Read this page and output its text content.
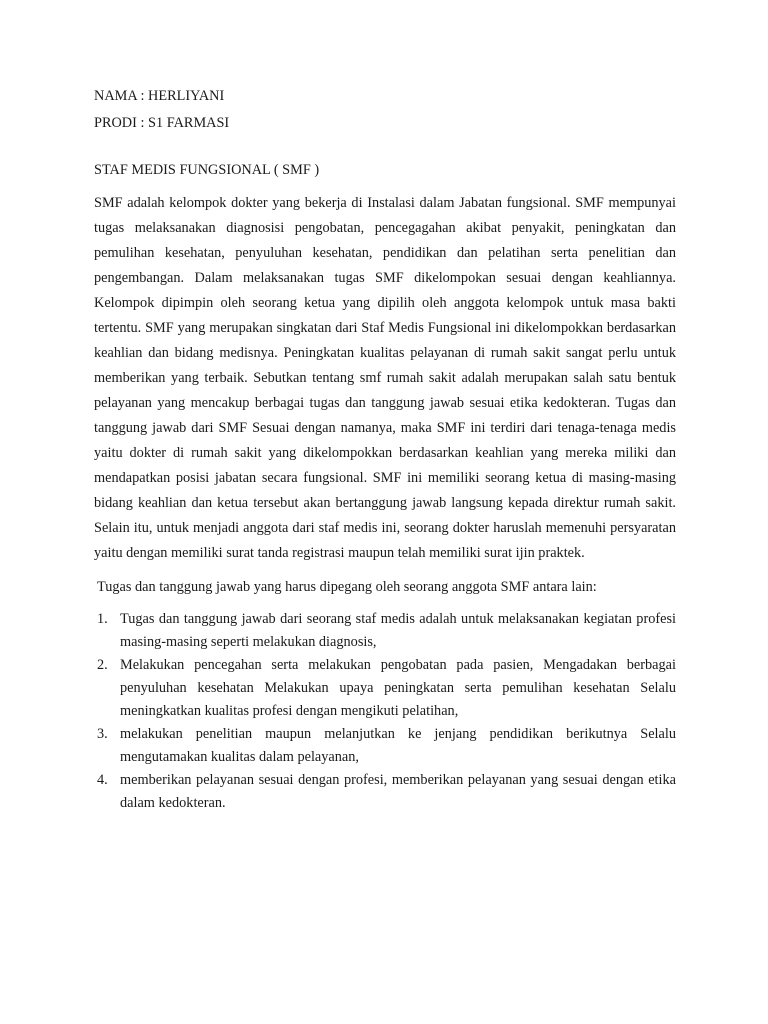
NAMA : HERLIYANI

PRODI : S1 FARMASI

STAF MEDIS FUNGSIONAL ( SMF )

SMF adalah kelompok dokter yang bekerja di Instalasi dalam Jabatan fungsional. SMF mempunyai tugas melaksanakan diagnosisi pengobatan, pencegagahan akibat penyakit, peningkatan dan pemulihan kesehatan, penyuluhan kesehatan, pendidikan dan pelatihan serta penelitian dan pengembangan. Dalam melaksanakan tugas SMF dikelompokan sesuai dengan keahliannya. Kelompok dipimpin oleh seorang ketua yang dipilih oleh anggota kelompok untuk masa bakti tertentu. SMF yang merupakan singkatan dari Staf Medis Fungsional ini dikelompokkan berdasarkan keahlian dan bidang medisnya. Peningkatan kualitas pelayanan di rumah sakit sangat perlu untuk memberikan yang terbaik. Sebutkan tentang smf rumah sakit adalah merupakan salah satu bentuk pelayanan yang mencakup berbagai tugas dan tanggung jawab sesuai etika kedokteran. Tugas dan tanggung jawab dari SMF Sesuai dengan namanya, maka SMF ini terdiri dari tenaga-tenaga medis yaitu dokter di rumah sakit yang dikelompokkan berdasarkan keahlian yang mereka miliki dan mendapatkan posisi jabatan secara fungsional. SMF ini memiliki seorang ketua di masing-masing bidang keahlian dan ketua tersebut akan bertanggung jawab langsung kepada direktur rumah sakit. Selain itu, untuk menjadi anggota dari staf medis ini, seorang dokter haruslah memenuhi persyaratan yaitu dengan memiliki surat tanda registrasi maupun telah memiliki surat ijin praktek.

Tugas dan tanggung jawab yang harus dipegang oleh seorang anggota SMF antara lain:

1. Tugas dan tanggung jawab dari seorang staf medis adalah untuk melaksanakan kegiatan profesi masing-masing seperti melakukan diagnosis,
2. Melakukan pencegahan serta melakukan pengobatan pada pasien, Mengadakan berbagai penyuluhan kesehatan Melakukan upaya peningkatan serta pemulihan kesehatan Selalu meningkatkan kualitas profesi dengan mengikuti pelatihan,
3. melakukan penelitian maupun melanjutkan ke jenjang pendidikan berikutnya Selalu mengutamakan kualitas dalam pelayanan,
4. memberikan pelayanan sesuai dengan profesi, memberikan pelayanan yang sesuai dengan etika dalam kedokteran.
